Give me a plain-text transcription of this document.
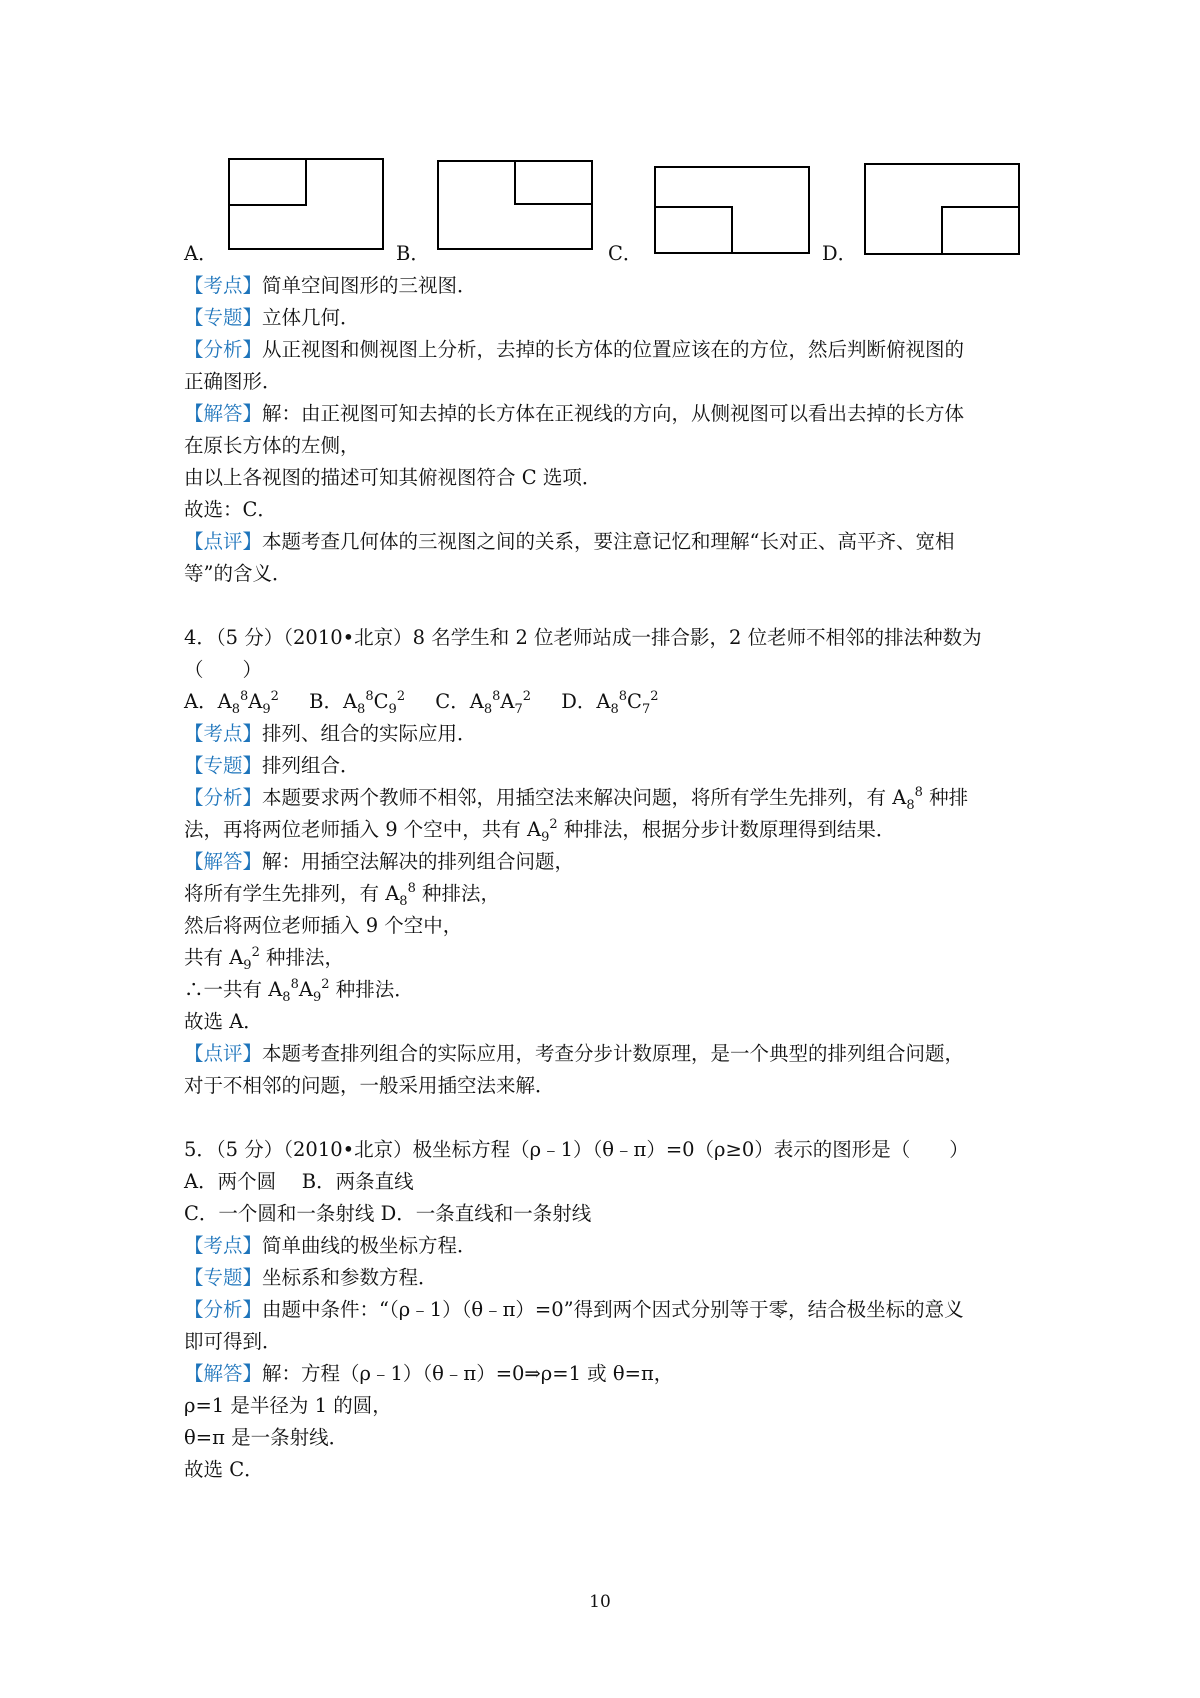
A．	B．	C．	D．
【考点】简单空间图形的三视图．
【专题】立体几何．
【分析】从正视图和侧视图上分析，去掉的长方体的位置应该在的方位，然后判断俯视图的
正确图形．
【解答】解：由正视图可知去掉的长方体在正视线的方向，从侧视图可以看出去掉的长方体
在原长方体的左侧，
由以上各视图的描述可知其俯视图符合 C 选项．
故选：C．
【点评】本题考查几何体的三视图之间的关系，要注意记忆和理解“长对正、高平齐、宽相
等”的含义．
4．（5 分）（2010•北京）8 名学生和 2 位老师站成一排合影，2 位老师不相邻的排法种数为
（　　）
A．$A_8^8A_9^2$ B．$A_8^8C_9^2$ C．$A_8^8A_7^2$ D．$A_8^8C_7^2$
【考点】排列、组合的实际应用．
【专题】排列组合．
【分析】本题要求两个教师不相邻，用插空法来解决问题，将所有学生先排列，有 $A_8^8$ 种排
法，再将两位老师插入 9 个空中，共有 $A_9^2$ 种排法，根据分步计数原理得到结果．
【解答】解：用插空法解决的排列组合问题，
将所有学生先排列，有 $A_8^8$ 种排法，
然后将两位老师插入 9 个空中，
共有 $A_9^2$ 种排法，
∴一共有 $A_8^8A_9^2$ 种排法．
故选 A．
【点评】本题考查排列组合的实际应用，考查分步计数原理，是一个典型的排列组合问题，
对于不相邻的问题，一般采用插空法来解．
5．（5 分）（2010•北京）极坐标方程（ρ﹣1）（θ﹣π）=0（ρ≥0）表示的图形是（　　）
A．两个圆　 B．两条直线
C．一个圆和一条射线 D．一条直线和一条射线
【考点】简单曲线的极坐标方程．
【专题】坐标系和参数方程．
【分析】由题中条件：“（ρ﹣1）（θ﹣π）=0”得到两个因式分别等于零，结合极坐标的意义
即可得到．
【解答】解：方程（ρ﹣1）（θ﹣π）=0⇒ρ=1 或 θ=π，
ρ=1 是半径为 1 的圆，
θ=π 是一条射线．
故选 C．
10
